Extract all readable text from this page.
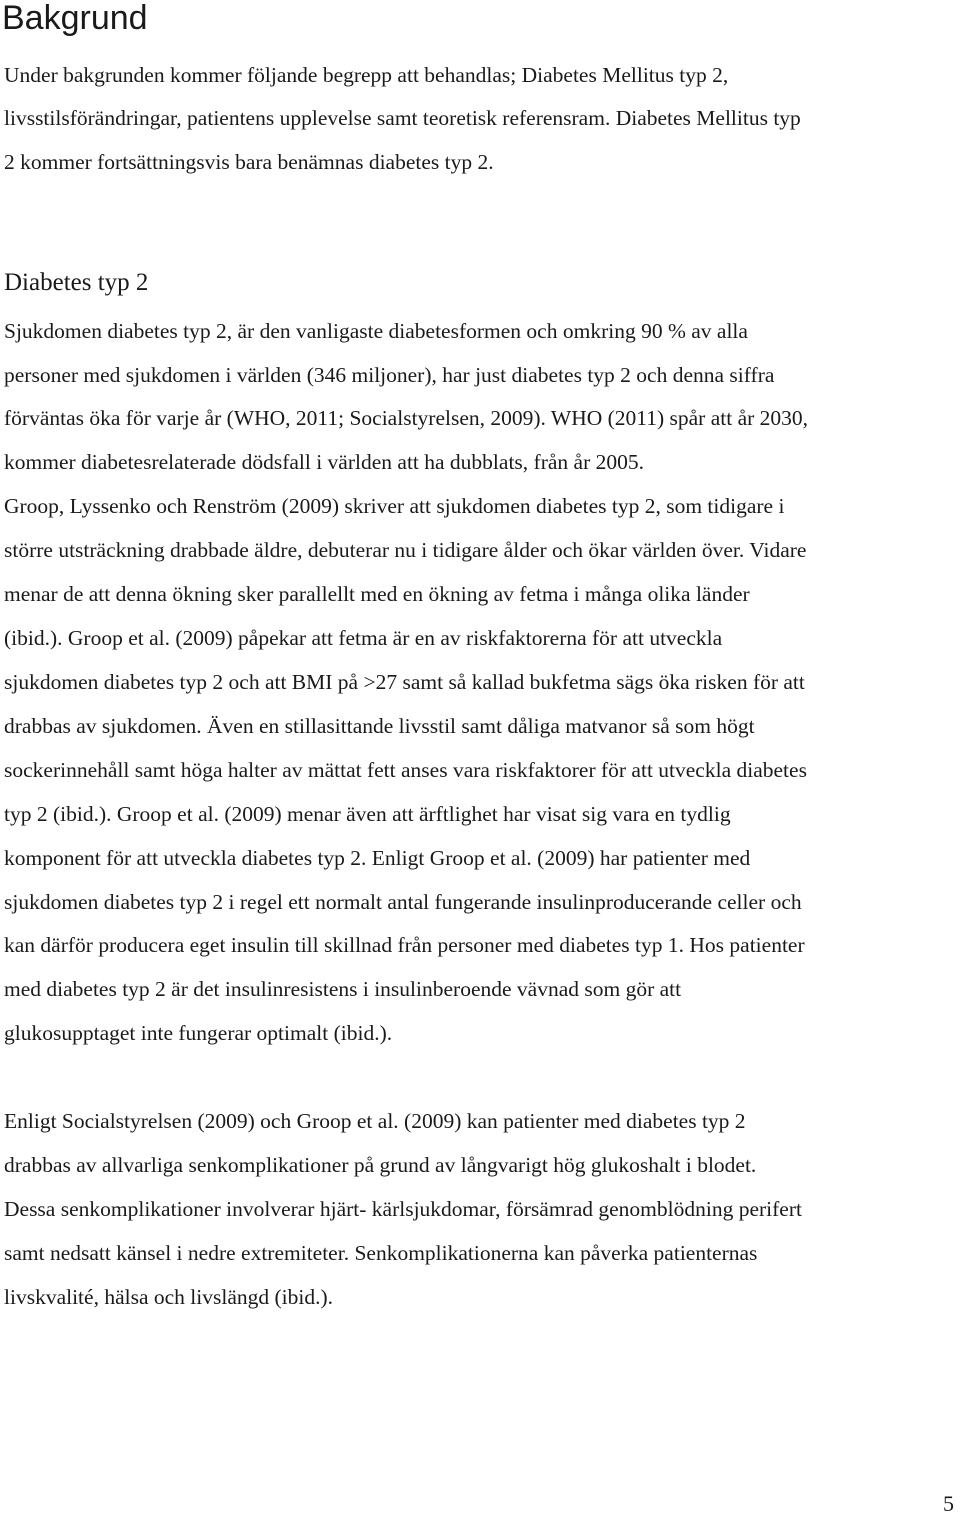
Bakgrund

Under bakgrunden kommer följande begrepp att behandlas; Diabetes Mellitus typ 2,

livsstilsförändringar, patientens upplevelse samt teoretisk referensram. Diabetes Mellitus typ

2 kommer fortsättningsvis bara benämnas diabetes typ 2.

Diabetes typ 2

Sjukdomen diabetes typ 2, är den vanligaste diabetesformen och omkring 90 % av alla

personer med sjukdomen i världen (346 miljoner), har just diabetes typ 2 och denna siffra

förväntas öka för varje år (WHO, 2011; Socialstyrelsen, 2009). WHO (2011) spår att år 2030,

kommer diabetesrelaterade dödsfall i världen att ha dubblats, från år 2005.

Groop, Lyssenko och Renström (2009) skriver att sjukdomen diabetes typ 2, som tidigare i

större utsträckning drabbade äldre, debuterar nu i tidigare ålder och ökar världen över. Vidare

menar de att denna ökning sker parallellt med en ökning av fetma i många olika länder

(ibid.). Groop et al. (2009) påpekar att fetma är en av riskfaktorerna för att utveckla

sjukdomen diabetes typ 2 och att BMI på >27 samt så kallad bukfetma sägs öka risken för att

drabbas av sjukdomen. Även en stillasittande livsstil samt dåliga matvanor så som högt

sockerinnehåll samt höga halter av mättat fett anses vara riskfaktorer för att utveckla diabetes

typ 2 (ibid.). Groop et al. (2009) menar även att ärftlighet har visat sig vara en tydlig

komponent för att utveckla diabetes typ 2. Enligt Groop et al. (2009) har patienter med

sjukdomen diabetes typ 2 i regel ett normalt antal fungerande insulinproducerande celler och

kan därför producera eget insulin till skillnad från personer med diabetes typ 1. Hos patienter

med diabetes typ 2 är det insulinresistens i insulinberoende vävnad som gör att

glukosupptaget inte fungerar optimalt (ibid.).

Enligt Socialstyrelsen (2009) och Groop et al. (2009) kan patienter med diabetes typ 2

drabbas av allvarliga senkomplikationer på grund av långvarigt hög glukoshalt i blodet.

Dessa senkomplikationer involverar hjärt- kärlsjukdomar, försämrad genomblödning perifert

samt nedsatt känsel i nedre extremiteter. Senkomplikationerna kan påverka patienternas

livskvalité, hälsa och livslängd (ibid.).

5
